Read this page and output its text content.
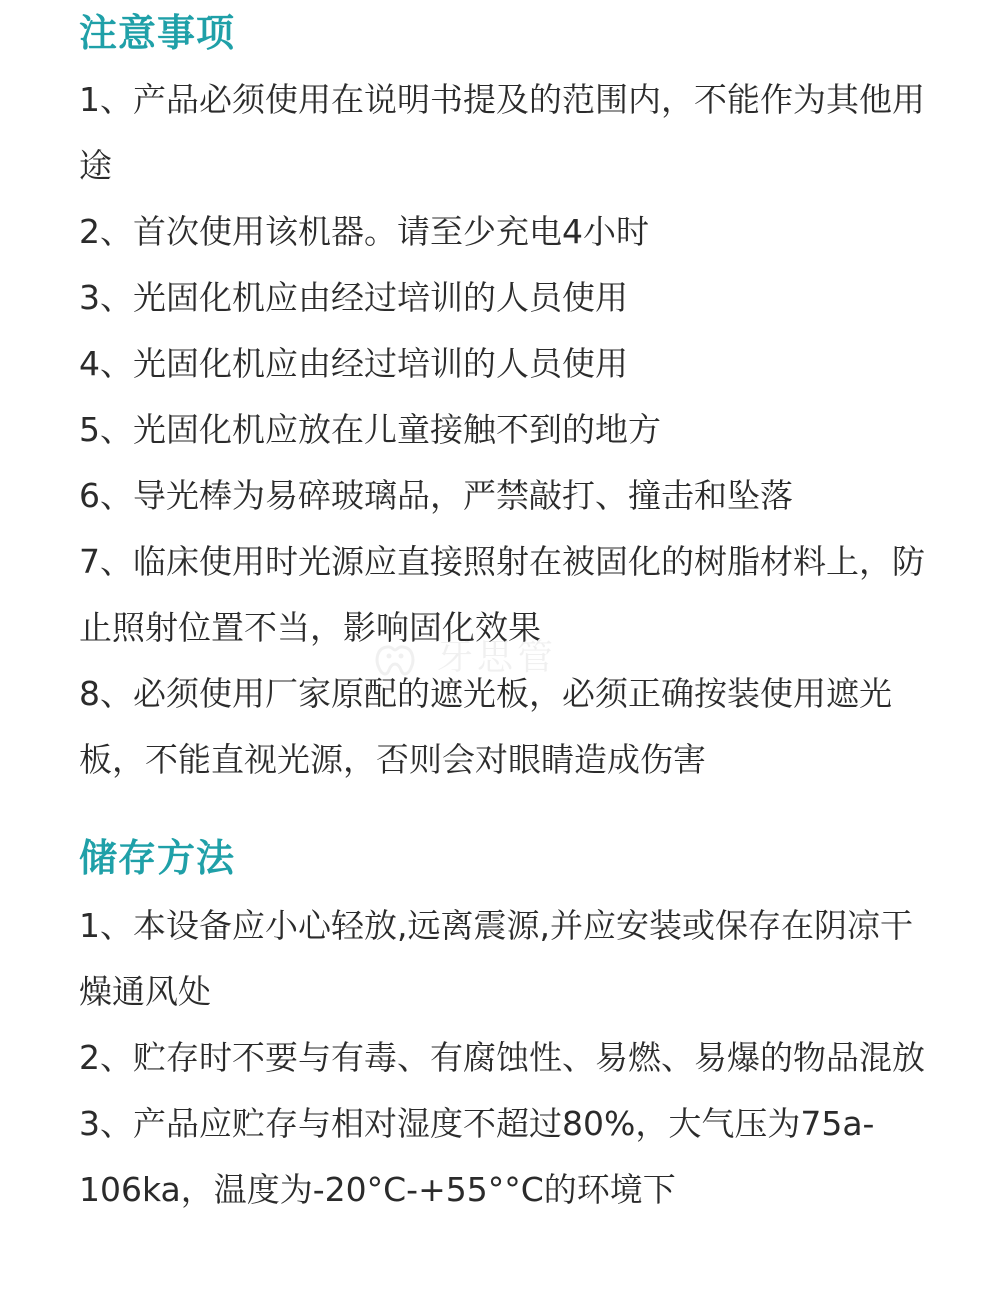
注意事项

1、产品必须使用在说明书提及的范围内，不能作为其他用途

2、首次使用该机器。请至少充电4小时

3、光固化机应由经过培训的人员使用

4、光固化机应由经过培训的人员使用

5、光固化机应放在儿童接触不到的地方

6、导光棒为易碎玻璃品，严禁敲打、撞击和坠落

7、临床使用时光源应直接照射在被固化的树脂材料上，防止照射位置不当，影响固化效果

8、必须使用厂家原配的遮光板，必须正确按装使用遮光板，不能直视光源，否则会对眼睛造成伤害

储存方法

1、本设备应小心轻放,远离震源,并应安装或保存在阴凉干燥通风处

2、贮存时不要与有毒、有腐蚀性、易燃、易爆的物品混放

3、产品应贮存与相对湿度不超过80%，大气压为75a-106ka，温度为-20°C-+55°°C的环境下

牙思管
